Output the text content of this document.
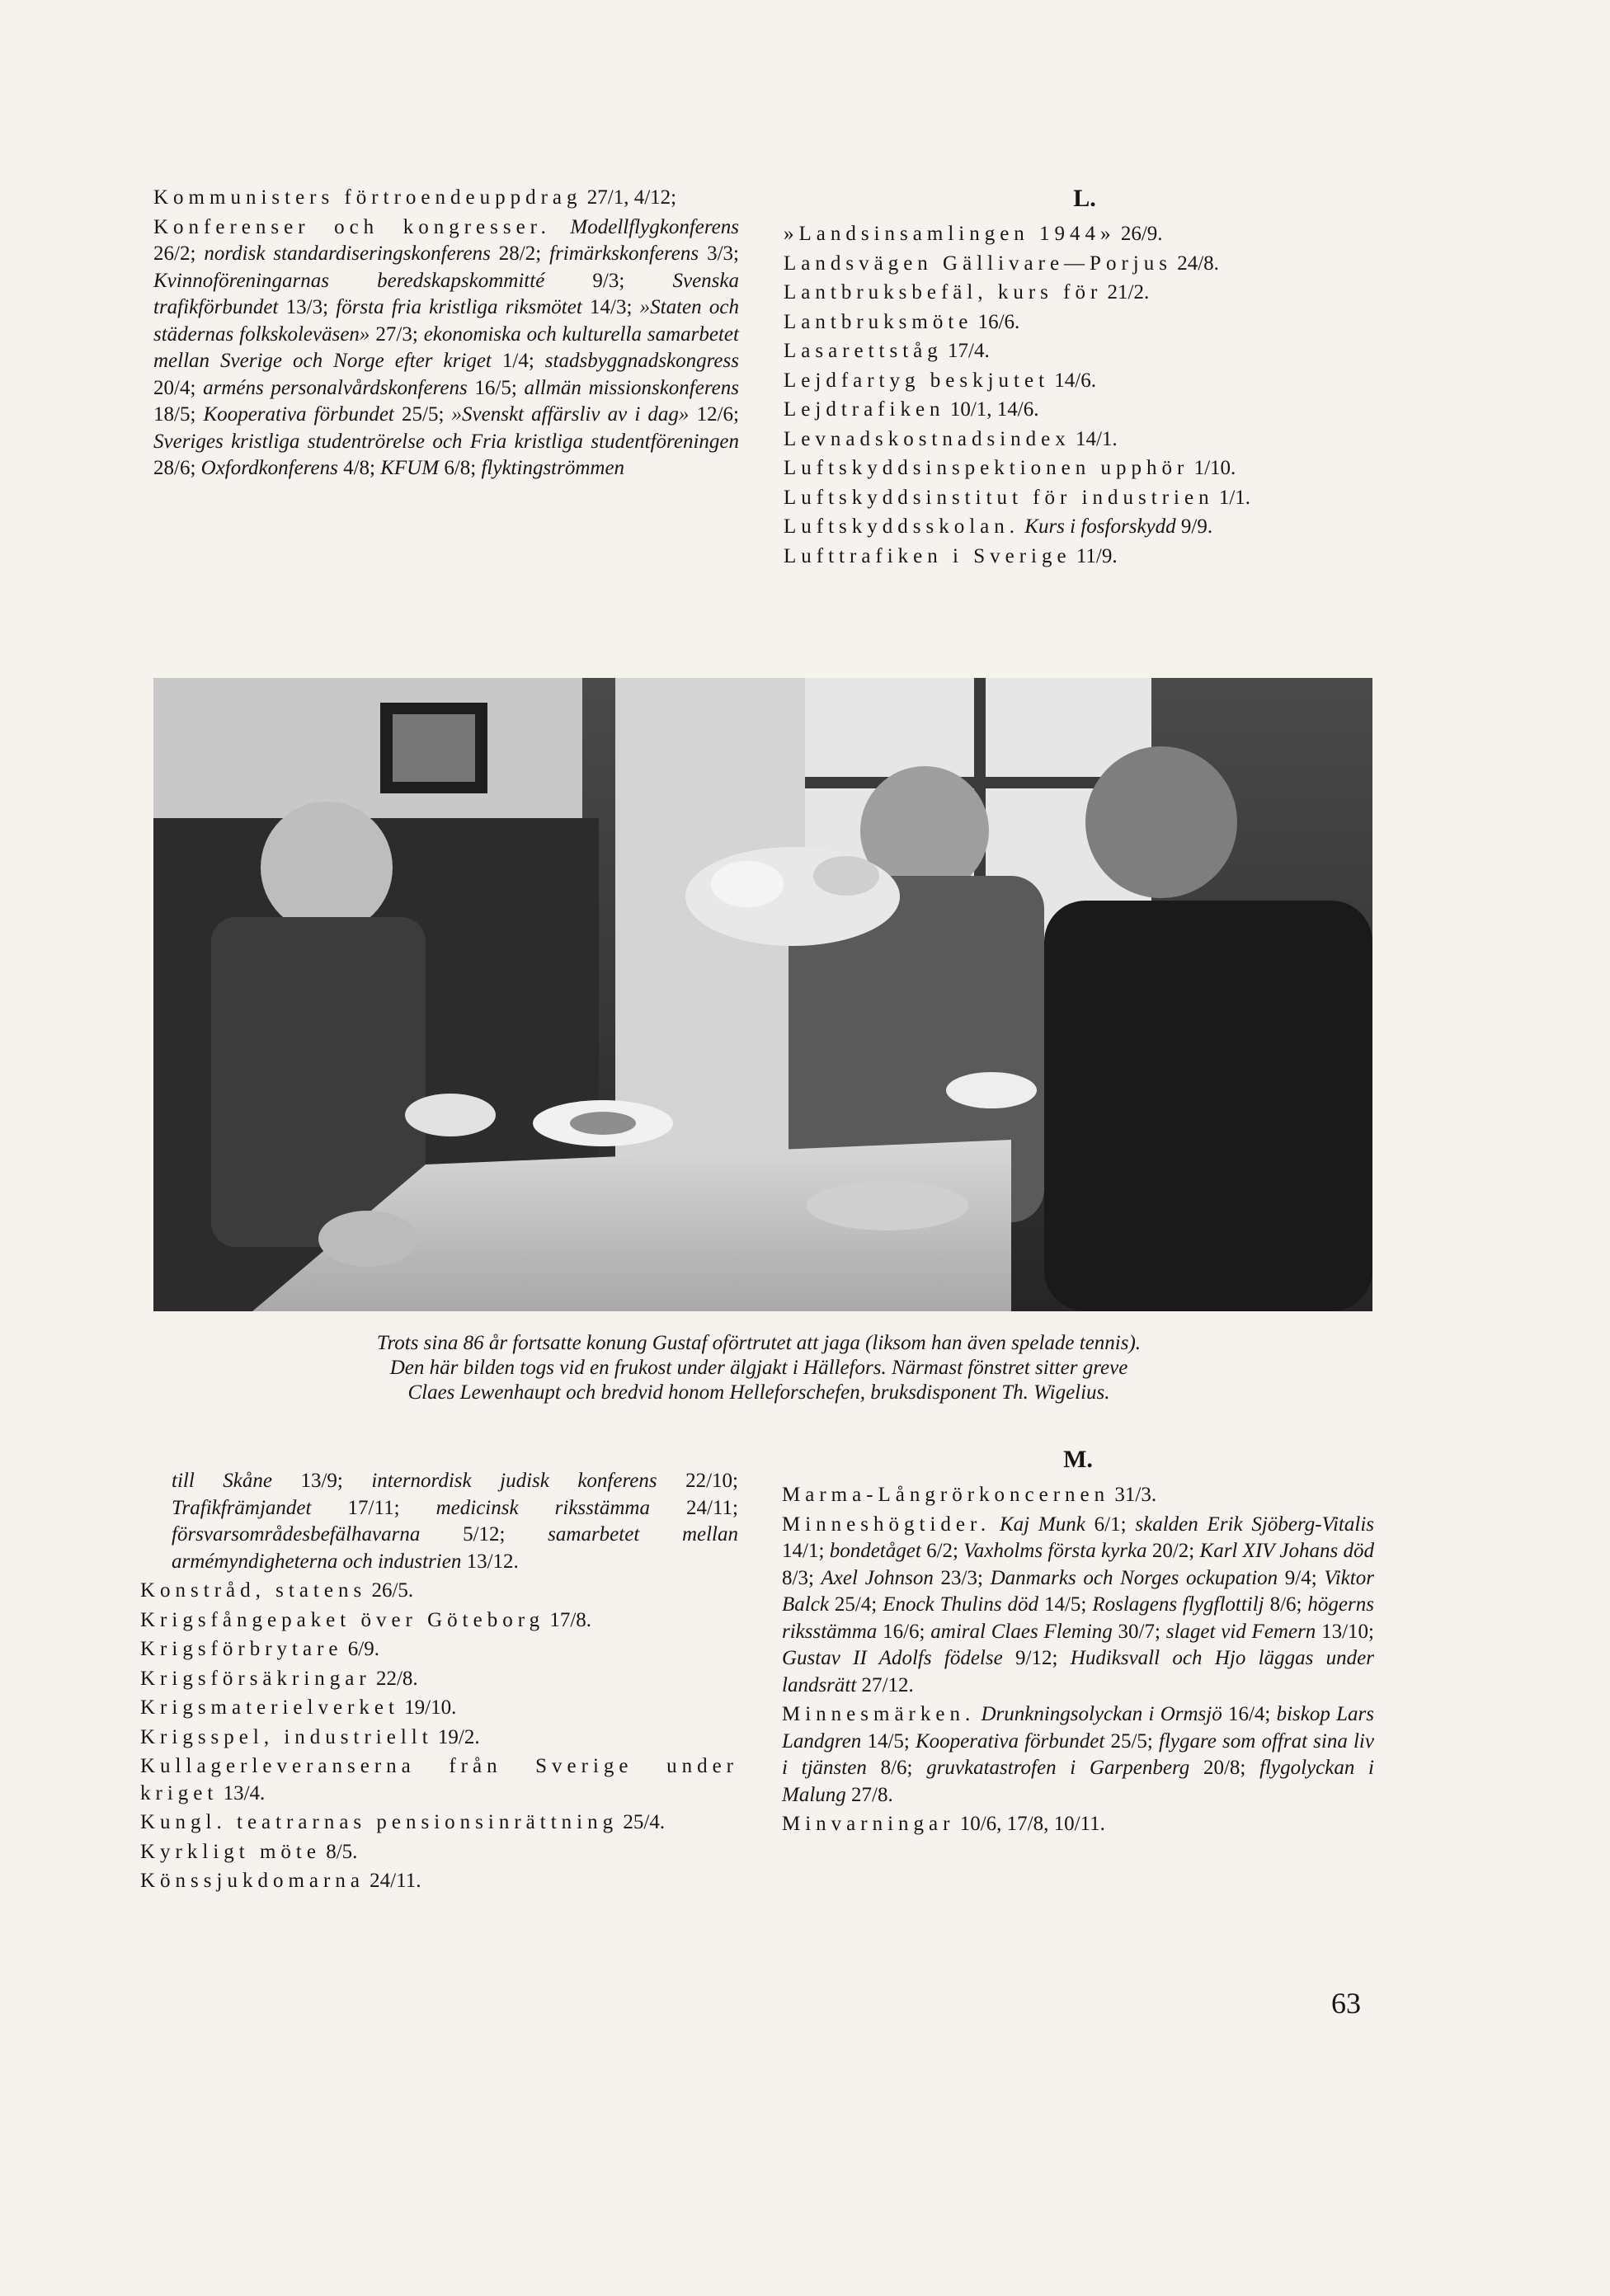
Kommunisters förtroendeuppdrag 27/1, 4/12;

Konferenser och kongresser. Modellflygkonferens 26/2; nordisk standardiseringskonferens 28/2; frimärkskonferens 3/3; Kvinnoföreningarnas beredskapskommitté 9/3; Svenska trafikförbundet 13/3; första fria kristliga riksmötet 14/3; »Staten och städernas folkskoleväsen» 27/3; ekonomiska och kulturella samarbetet mellan Sverige och Norge efter kriget 1/4; stadsbyggnadskongress 20/4; arméns personalvårdskonferens 16/5; allmän missionskonferens 18/5; Kooperativa förbundet 25/5; »Svenskt affärsliv av i dag» 12/6; Sveriges kristliga studentrörelse och Fria kristliga studentföreningen 28/6; Oxfordkonferens 4/8; KFUM 6/8; flyktingströmmen

L.

»Landsinsamlingen 1944» 26/9.

Landsvägen Gällivare—Porjus 24/8.

Lantbruksbefäl, kurs för 21/2.

Lantbruksmöte 16/6.

Lasarettståg 17/4.

Lejdfartyg beskjutet 14/6.

Lejdtrafiken 10/1, 14/6.

Levnadskostnadsindex 14/1.

Luftskyddsinspektionen upphör 1/10.

Luftskyddsinstitut för industrien 1/1.

Luftskyddsskolan. Kurs i fosforskydd 9/9.

Lufttrafiken i Sverige 11/9.

Trots sina 86 år fortsatte konung Gustaf oförtrutet att jaga (liksom han även spelade tennis).
Den här bilden togs vid en frukost under älgjakt i Hällefors. Närmast fönstret sitter greve
Claes Lewenhaupt och bredvid honom Helleforschefen, bruksdisponent Th. Wigelius.

till Skåne 13/9; internordisk judisk konferens 22/10; Trafikfrämjandet 17/11; medicinsk riksstämma 24/11; försvarsområdesbefälhavarna 5/12; samarbetet mellan armémyndigheterna och industrien 13/12.

Konstråd, statens 26/5.

Krigsfångepaket över Göteborg 17/8.

Krigsförbrytare 6/9.

Krigsförsäkringar 22/8.

Krigsmaterielverket 19/10.

Krigsspel, industriellt 19/2.

Kullagerleveranserna från Sverige under kriget 13/4.

Kungl. teatrarnas pensionsinrättning 25/4.

Kyrkligt möte 8/5.

Könssjukdomarna 24/11.

M.

Marma-Långrörkoncernen 31/3.

Minneshögtider. Kaj Munk 6/1; skalden Erik Sjöberg-Vitalis 14/1; bondetåget 6/2; Vaxholms första kyrka 20/2; Karl XIV Johans död 8/3; Axel Johnson 23/3; Danmarks och Norges ockupation 9/4; Viktor Balck 25/4; Enock Thulins död 14/5; Roslagens flygflottilj 8/6; högerns riksstämma 16/6; amiral Claes Fleming 30/7; slaget vid Femern 13/10; Gustav II Adolfs födelse 9/12; Hudiksvall och Hjo läggas under landsrätt 27/12.

Minnesmärken. Drunkningsolyckan i Ormsjö 16/4; biskop Lars Landgren 14/5; Kooperativa förbundet 25/5; flygare som offrat sina liv i tjänsten 8/6; gruvkatastrofen i Garpenberg 20/8; flygolyckan i Malung 27/8.

Minvarningar 10/6, 17/8, 10/11.

63
